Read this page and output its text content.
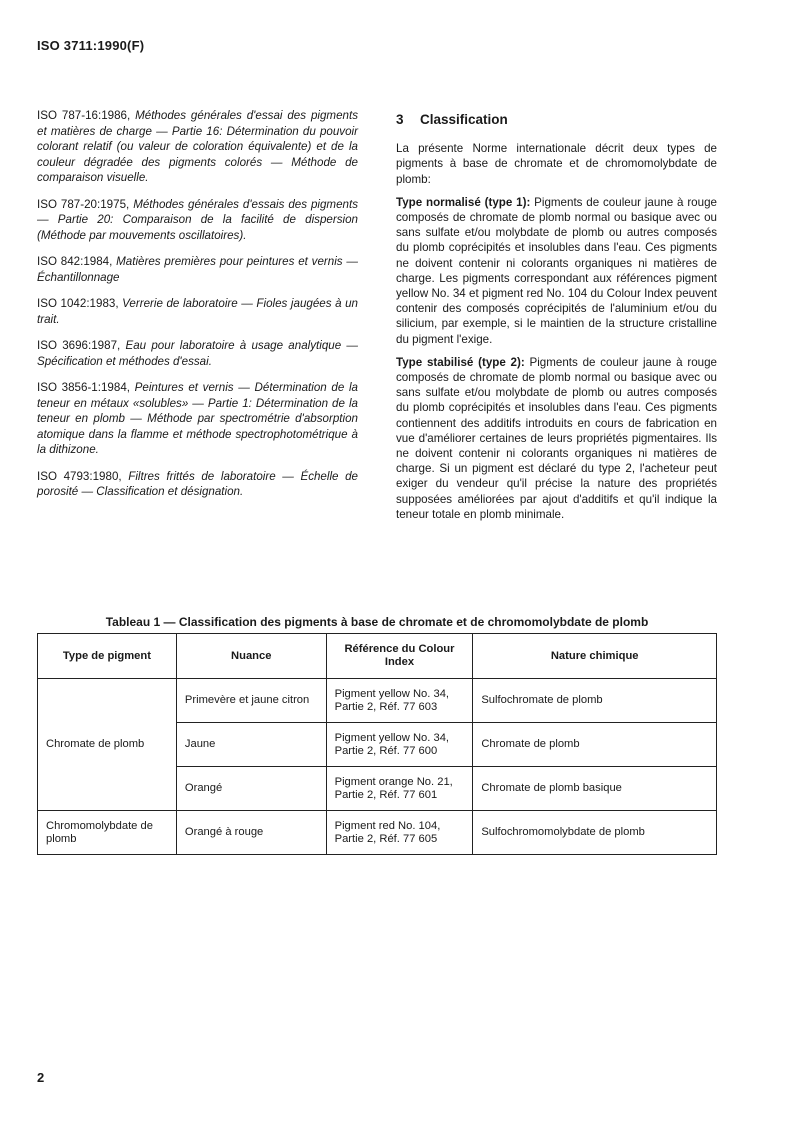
ISO 3711:1990(F)

ISO 787-16:1986, Méthodes générales d'essai des pigments et matières de charge — Partie 16: Détermination du pouvoir colorant relatif (ou valeur de coloration équivalente) et de la couleur dégradée des pigments colorés — Méthode de comparaison visuelle.

ISO 787-20:1975, Méthodes générales d'essais des pigments — Partie 20: Comparaison de la facilité de dispersion (Méthode par mouvements oscillatoires).

ISO 842:1984, Matières premières pour peintures et vernis — Échantillonnage

ISO 1042:1983, Verrerie de laboratoire — Fioles jaugées à un trait.

ISO 3696:1987, Eau pour laboratoire à usage analytique — Spécification et méthodes d'essai.

ISO 3856-1:1984, Peintures et vernis — Détermination de la teneur en métaux «solubles» — Partie 1: Détermination de la teneur en plomb — Méthode par spectrométrie d'absorption atomique dans la flamme et méthode spectrophotométrique à la dithizone.

ISO 4793:1980, Filtres frittés de laboratoire — Échelle de porosité — Classification et désignation.

3 Classification

La présente Norme internationale décrit deux types de pigments à base de chromate et de chromomolybdate de plomb:

Type normalisé (type 1): Pigments de couleur jaune à rouge composés de chromate de plomb normal ou basique avec ou sans sulfate et/ou molybdate de plomb ou autres composés du plomb coprécipités et insolubles dans l'eau. Ces pigments ne doivent contenir ni colorants organiques ni matières de charge. Les pigments correspondant aux références pigment yellow No. 34 et pigment red No. 104 du Colour Index peuvent contenir des composés coprécipités de l'aluminium et/ou du silicium, par exemple, si le maintien de la structure cristalline du pigment l'exige.

Type stabilisé (type 2): Pigments de couleur jaune à rouge composés de chromate de plomb normal ou basique avec ou sans sulfate et/ou molybdate de plomb ou autres composés du plomb coprécipités et insolubles dans l'eau. Ces pigments contiennent des additifs introduits en cours de fabrication en vue d'améliorer certaines de leurs propriétés pigmentaires. Ils ne doivent contenir ni colorants organiques ni matières de charge. Si un pigment est déclaré du type 2, l'acheteur peut exiger du vendeur qu'il précise la nature des propriétés supposées améliorées par ajout d'additifs et qu'il indique la teneur totale en plomb minimale.

Tableau 1 — Classification des pigments à base de chromate et de chromomolybdate de plomb
Type de pigment	Nuance	Référence du Colour Index	Nature chimique
Chromate de plomb	Primevère et jaune citron	Pigment yellow No. 34, Partie 2, Réf. 77 603	Sulfochromate de plomb
	Jaune	Pigment yellow No. 34, Partie 2, Réf. 77 600	Chromate de plomb
	Orangé	Pigment orange No. 21, Partie 2, Réf. 77 601	Chromate de plomb basique
Chromomolybdate de plomb	Orangé à rouge	Pigment red No. 104, Partie 2, Réf. 77 605	Sulfochromomolybdate de plomb
2
